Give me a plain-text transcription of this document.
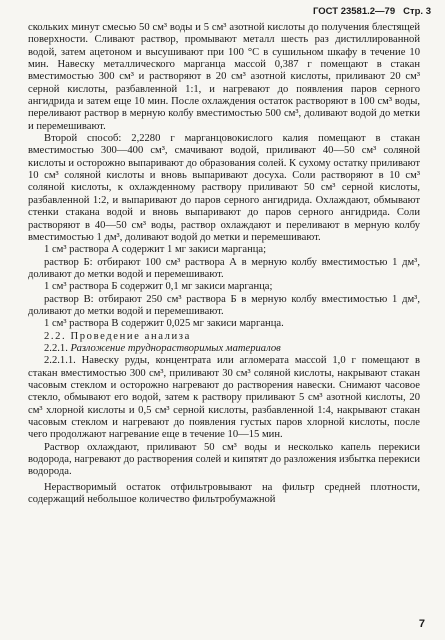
ГОСТ 23581.2—79 Стр. 3

скольких минут смесью 50 см³ воды и 5 см³ азотной кислоты до получения блестящей поверхности. Сливают раствор, промывают металл шесть раз дистиллированной водой, затем ацетоном и высушивают при 100 °C в сушильном шкафу в течение 10 мин. Навеску металлического марганца массой 0,387 г помещают в стакан вместимостью 300 см³ и растворяют в 20 см³ азотной кислоты, приливают 20 см³ серной кислоты, разбавленной 1:1, и нагревают до появления паров серного ангидрида и затем еще 10 мин. После охлаждения остаток растворяют в 100 см³ воды, переливают раствор в мерную колбу вместимостью 500 см³, доливают водой до метки и перемешивают.

Второй способ: 2,2280 г марганцовокислого калия помещают в стакан вместимостью 300—400 см³, смачивают водой, приливают 40—50 см³ соляной кислоты и осторожно выпаривают до образования солей. К сухому остатку приливают 10 см³ соляной кислоты и вновь выпаривают досуха. Соли растворяют в 10 см³ соляной кислоты, к охлажденному раствору приливают 50 см³ серной кислоты, разбавленной 1:2, и выпаривают до паров серного ангидрида. Охлаждают, обмывают стенки стакана водой и вновь выпаривают до паров серного ангидрида. Соли растворяют в 40—50 см³ воды, раствор охлаждают и переливают в мерную колбу вместимостью 1 дм³, доливают водой до метки и перемешивают.

1 см³ раствора А содержит 1 мг закиси марганца;

раствор Б: отбирают 100 см³ раствора А в мерную колбу вместимостью 1 дм³, доливают до метки водой и перемешивают.

1 см³ раствора Б содержит 0,1 мг закиси марганца;

раствор В: отбирают 250 см³ раствора Б в мерную колбу вместимостью 1 дм³, доливают до метки водой и перемешивают.

1 см³ раствора В содержит 0,025 мг закиси марганца.

2.2. Проведение анализа

2.2.1. Разложение труднорастворимых материалов

2.2.1.1. Навеску руды, концентрата или агломерата массой 1,0 г помещают в стакан вместимостью 300 см³, приливают 30 см³ соляной кислоты, накрывают стакан часовым стеклом и осторожно нагревают до растворения навески. Снимают часовое стекло, обмывают его водой, затем к раствору приливают 5 см³ азотной кислоты, 20 см³ хлорной кислоты и 0,5 см³ серной кислоты, разбавленной 1:4, накрывают стакан часовым стеклом и нагревают до появления густых паров хлорной кислоты, после чего продолжают нагревание еще в течение 10—15 мин.

Раствор охлаждают, приливают 50 см³ воды и несколько капель перекиси водорода, нагревают до растворения солей и кипятят до разложения избытка перекиси водорода.

Нерастворимый остаток отфильтровывают на фильтр средней плотности, содержащий небольшое количество фильтробумажной

7
